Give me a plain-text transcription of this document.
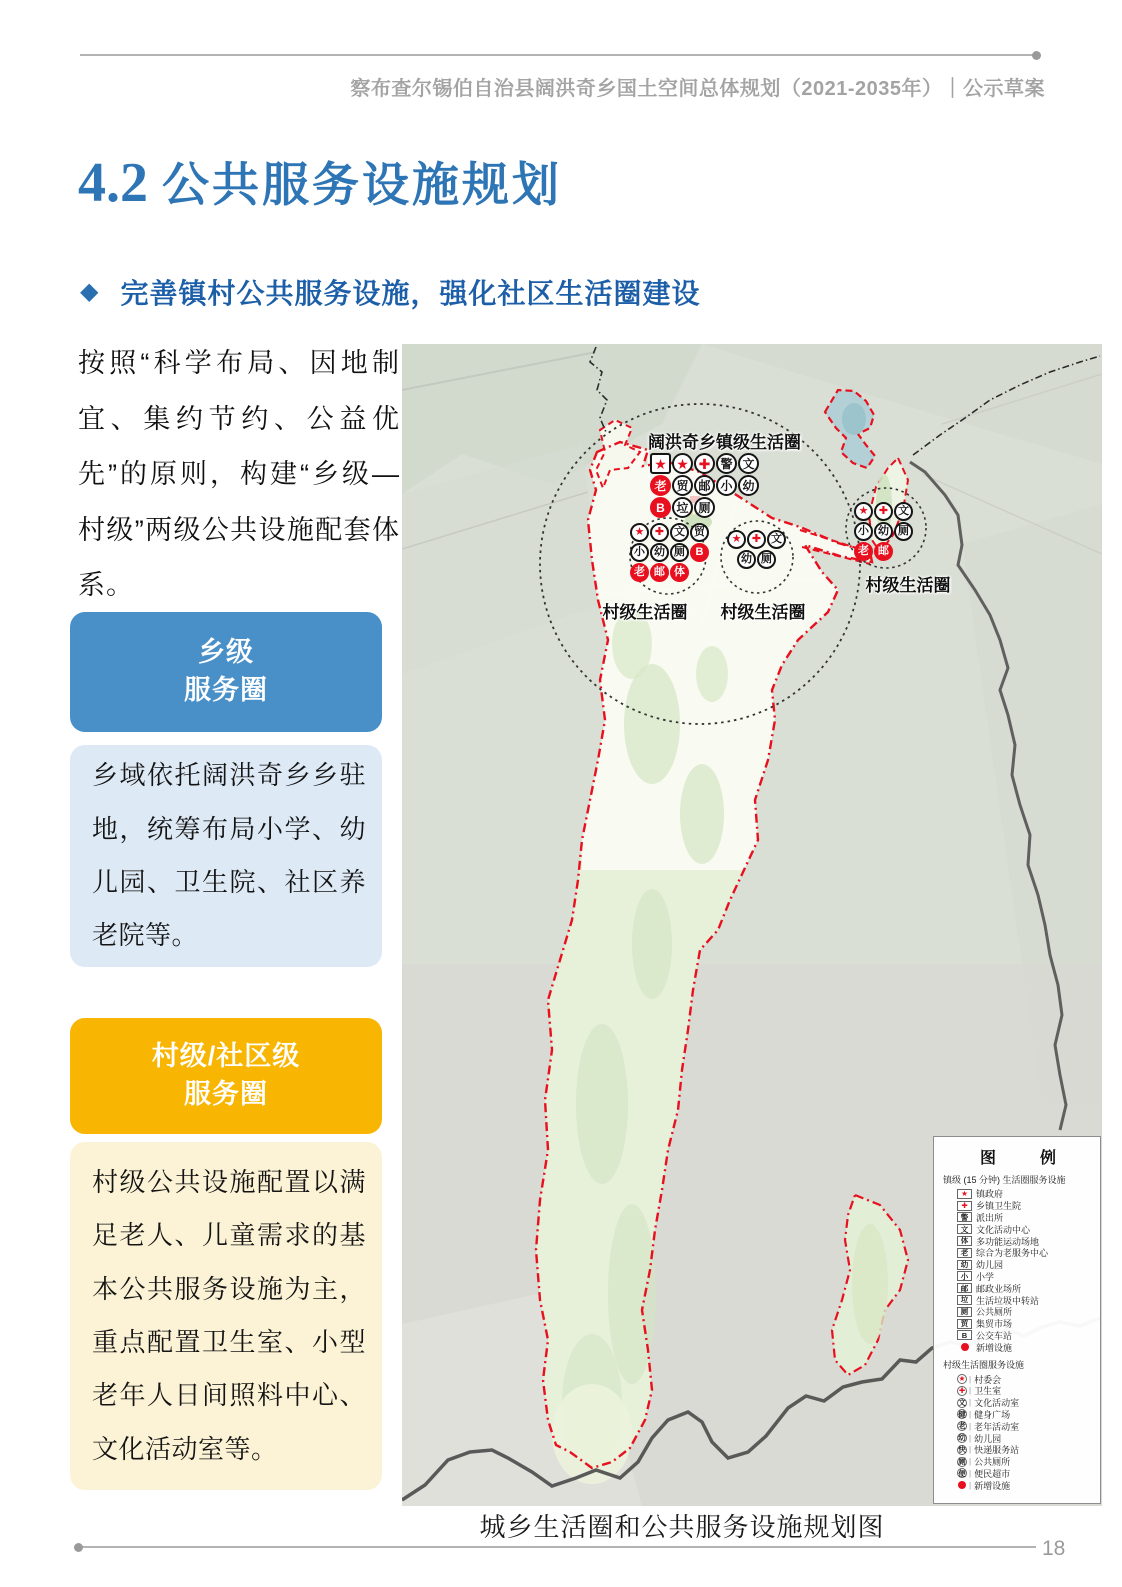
察布查尔锡伯自治县阔洪奇乡国土空间总体规划（2021-2035年）｜公示草案
4.2 公共服务设施规划
◆ 完善镇村公共服务设施，强化社区生活圈建设
按照“科学布局、因地制宜、集约节约、公益优先”的原则，构建“乡级—村级”两级公共设施配套体系。
乡级
服务圈
乡域依托阔洪奇乡乡驻地，统筹布局小学、幼儿园、卫生院、社区养老院等。
村级/社区级
服务圈
村级公共设施配置以满足老人、儿童需求的基本公共服务设施为主，重点配置卫生室、小型老年人日间照料中心、文化活动室等。
阔洪奇乡镇级生活圈
村级生活圈	村级生活圈
村级生活圈
★ ★ ✚ 警 文
老 贸 邮 小 幼
B 垃 厕
★ ✚ 文 贸
小 幼 厕 B
老 邮 体
★ ✚ 文
幼 厕
★ ✚ 文
小 幼 厕
老 邮
图　例
镇级 (15 分钟) 生活圈服务设施
★ 镇政府
✚ 乡镇卫生院
警 派出所
文 文化活动中心
体 多功能运动场地
老 综合为老服务中心
幼 幼儿园
小 小学
邮 邮政业场所
垃 生活垃圾中转站
厕 公共厕所
贸 集贸市场
B 公交车站
新增设施
村级生活圈服务设施
★ | 村委会
✚ | 卫生室
文 | 文化活动室
健 | 健身广场
老 | 老年活动室
幼 | 幼儿园
快 | 快递服务站
厕 | 公共厕所
便 | 便民超市
| 新增设施
城乡生活圈和公共服务设施规划图
18
